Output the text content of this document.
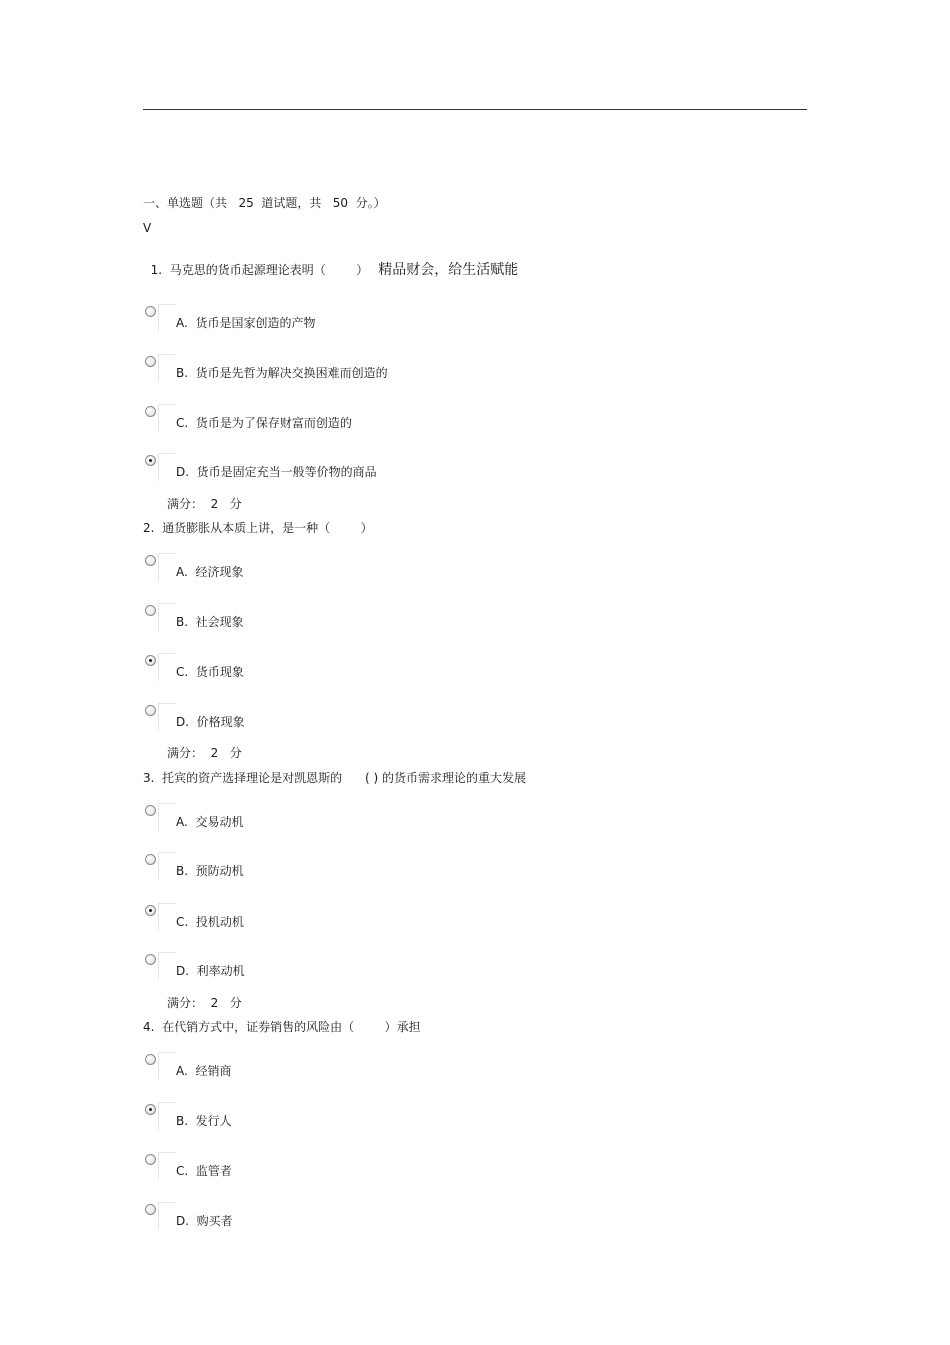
一、单选题（共   25  道试题，共   50  分。）
V

1.  马克思的货币起源理论表明（        ） 精品财会，给生活赋能

A.  货币是国家创造的产物
B.  货币是先哲为解决交换困难而创造的
C.  货币是为了保存财富而创造的
D.  货币是固定充当一般等价物的商品
满分：  2   分
2.  通货膨胀从本质上讲，是一种（        ）
A.  经济现象
B.  社会现象
C.  货币现象
D.  价格现象
满分：  2   分
3.  托宾的资产选择理论是对凯恩斯的      ( ) 的货币需求理论的重大发展
A.  交易动机
B.  预防动机
C.  投机动机
D.  利率动机
满分：  2   分
4.  在代销方式中，证券销售的风险由（        ）承担
A.  经销商
B.  发行人
C.  监管者
D.  购买者
